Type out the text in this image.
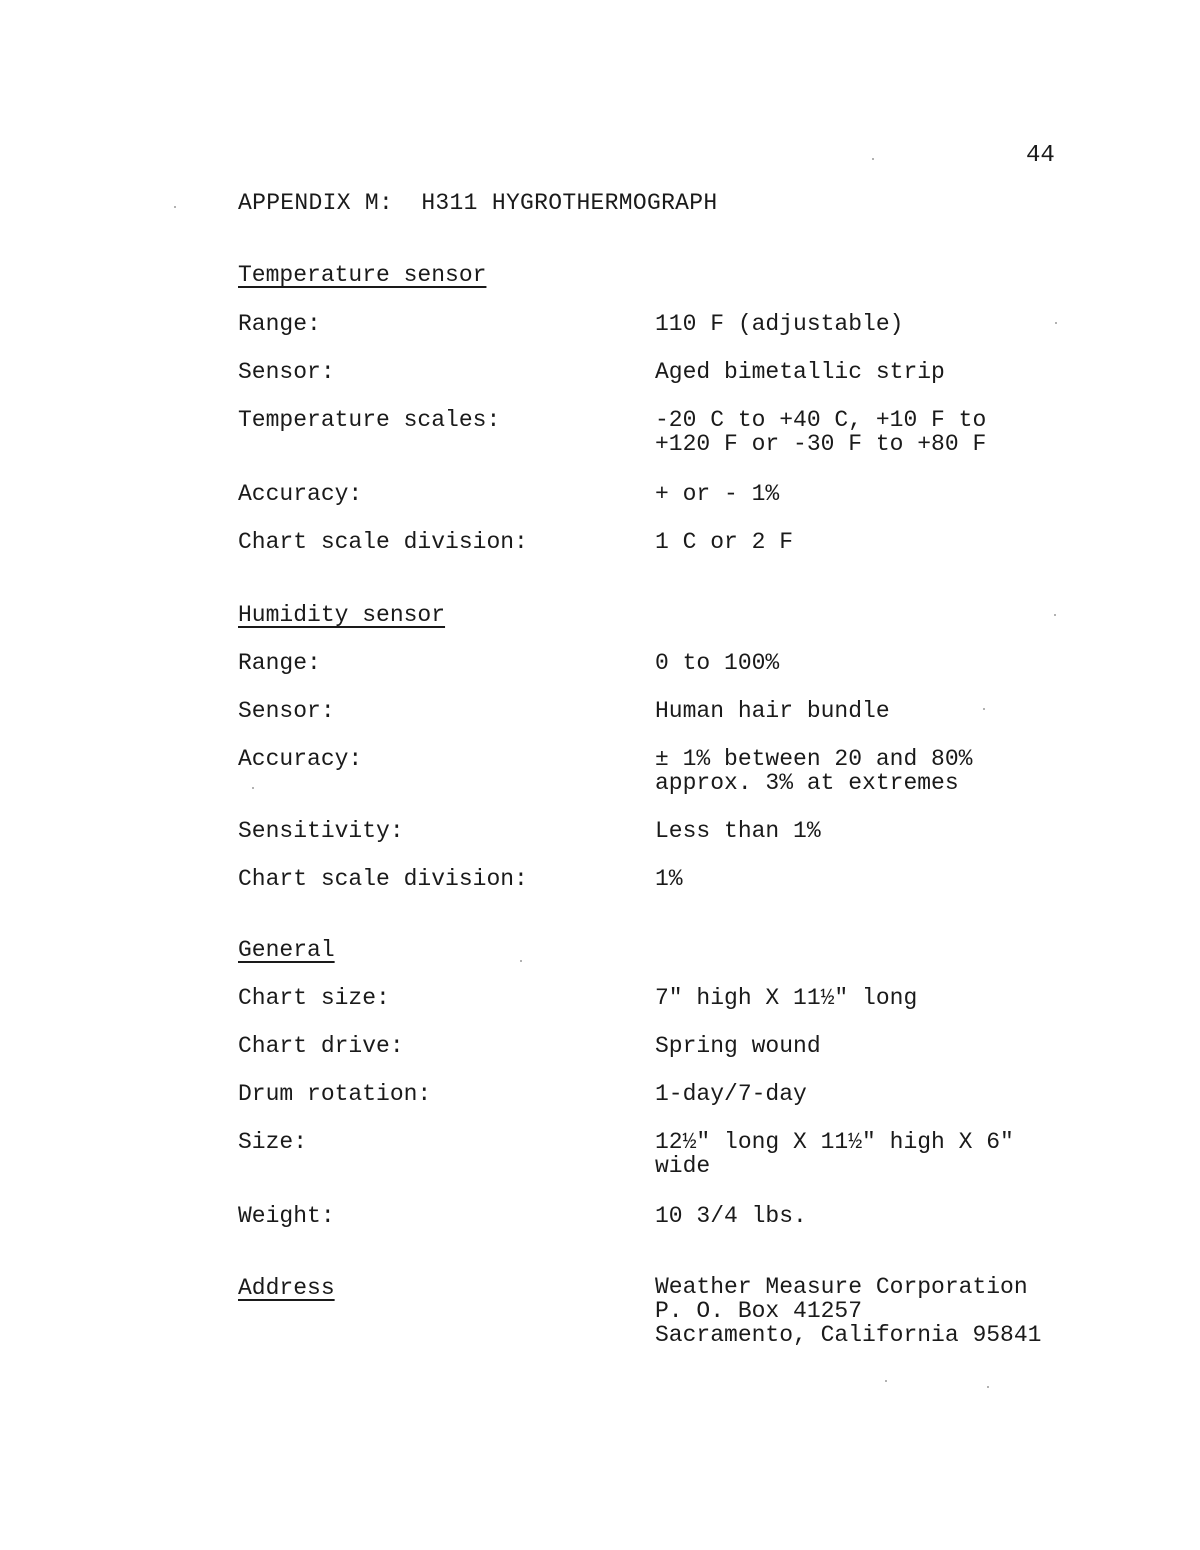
44
APPENDIX M:  H311 HYGROTHERMOGRAPH
Temperature sensor
Range:	110 F (adjustable)
Sensor:	Aged bimetallic strip
Temperature scales:	-20 C to +40 C, +10 F to
+120 F or -30 F to +80 F
Accuracy:	+ or - 1%
Chart scale division:	1 C or 2 F
Humidity sensor
Range:	0 to 100%
Sensor:	Human hair bundle
Accuracy:	± 1% between 20 and 80%
approx. 3% at extremes
Sensitivity:	Less than 1%
Chart scale division:	1%
General
Chart size:	7" high X 11½" long
Chart drive:	Spring wound
Drum rotation:	1-day/7-day
Size:	12½" long X 11½" high X 6"
wide
Weight:	10 3/4 lbs.
Address	Weather Measure Corporation
P. O. Box 41257
Sacramento, California 95841
